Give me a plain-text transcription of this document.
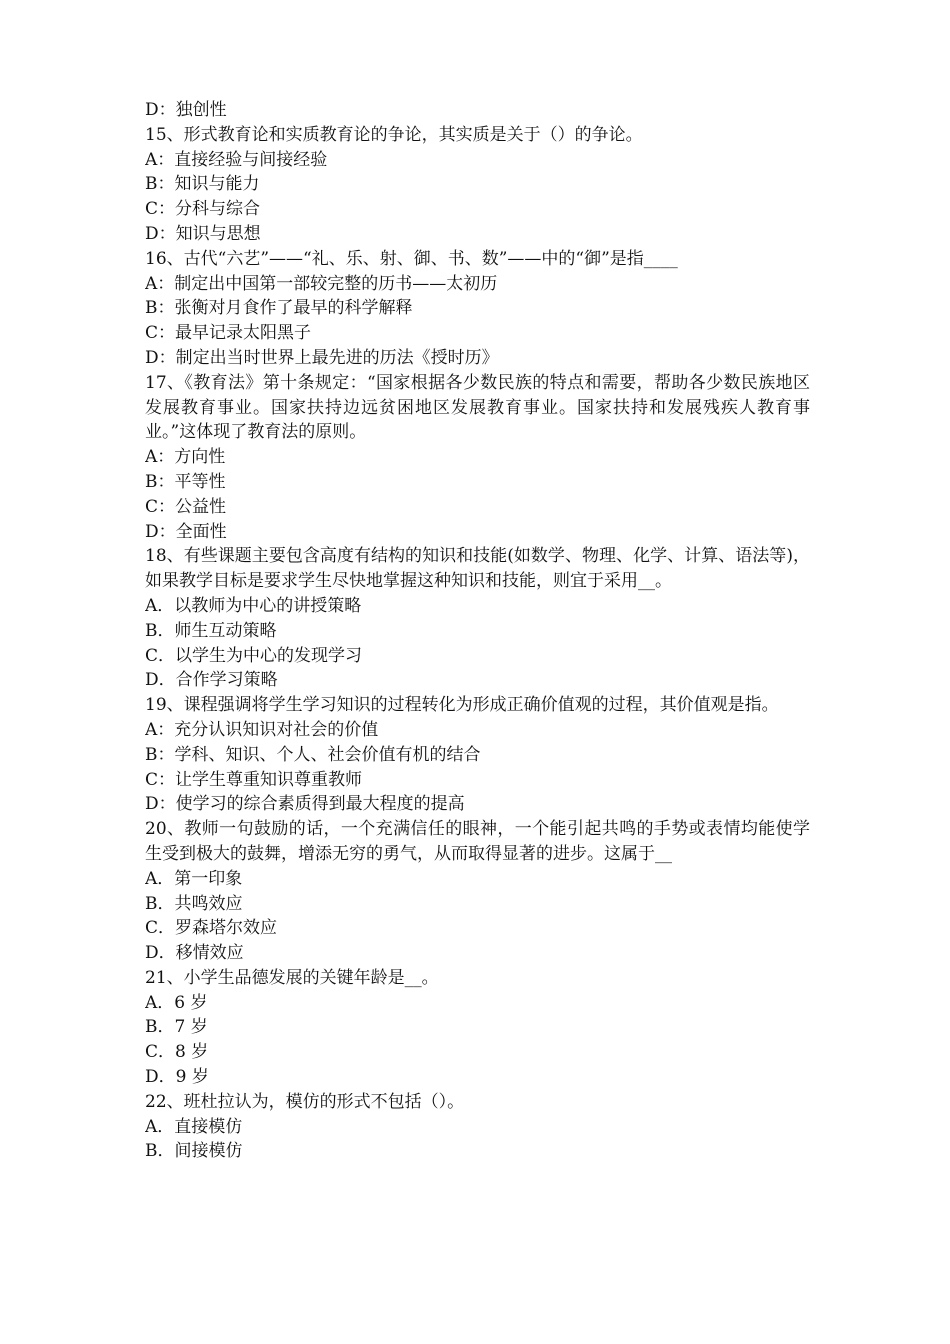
D：独创性
15、形式教育论和实质教育论的争论，其实质是关于（）的争论。
A：直接经验与间接经验
B：知识与能力
C：分科与综合
D：知识与思想
16、古代“六艺”——“礼、乐、射、御、书、数”——中的“御”是指____
A：制定出中国第一部较完整的历书——太初历
B：张衡对月食作了最早的科学解释
C：最早记录太阳黑子
D：制定出当时世界上最先进的历法《授时历》
17、《教育法》第十条规定：“国家根据各少数民族的特点和需要，帮助各少数民族地区发展教育事业。国家扶持边远贫困地区发展教育事业。国家扶持和发展残疾人教育事业。”这体现了教育法的原则。
A：方向性
B：平等性
C：公益性
D：全面性
18、有些课题主要包含高度有结构的知识和技能(如数学、物理、化学、计算、语法等)，如果教学目标是要求学生尽快地掌握这种知识和技能，则宜于采用__。
A．以教师为中心的讲授策略
B．师生互动策略
C．以学生为中心的发现学习
D．合作学习策略
19、课程强调将学生学习知识的过程转化为形成正确价值观的过程，其价值观是指。
A：充分认识知识对社会的价值
B：学科、知识、个人、社会价值有机的结合
C：让学生尊重知识尊重教师
D：使学习的综合素质得到最大程度的提高
20、教师一句鼓励的话，一个充满信任的眼神，一个能引起共鸣的手势或表情均能使学生受到极大的鼓舞，增添无穷的勇气，从而取得显著的进步。这属于__
A．第一印象
B．共鸣效应
C．罗森塔尔效应
D．移情效应
21、小学生品德发展的关键年龄是__。
A．6 岁
B．7 岁
C．8 岁
D．9 岁
22、班杜拉认为，模仿的形式不包括（）。
A．直接模仿
B．间接模仿
